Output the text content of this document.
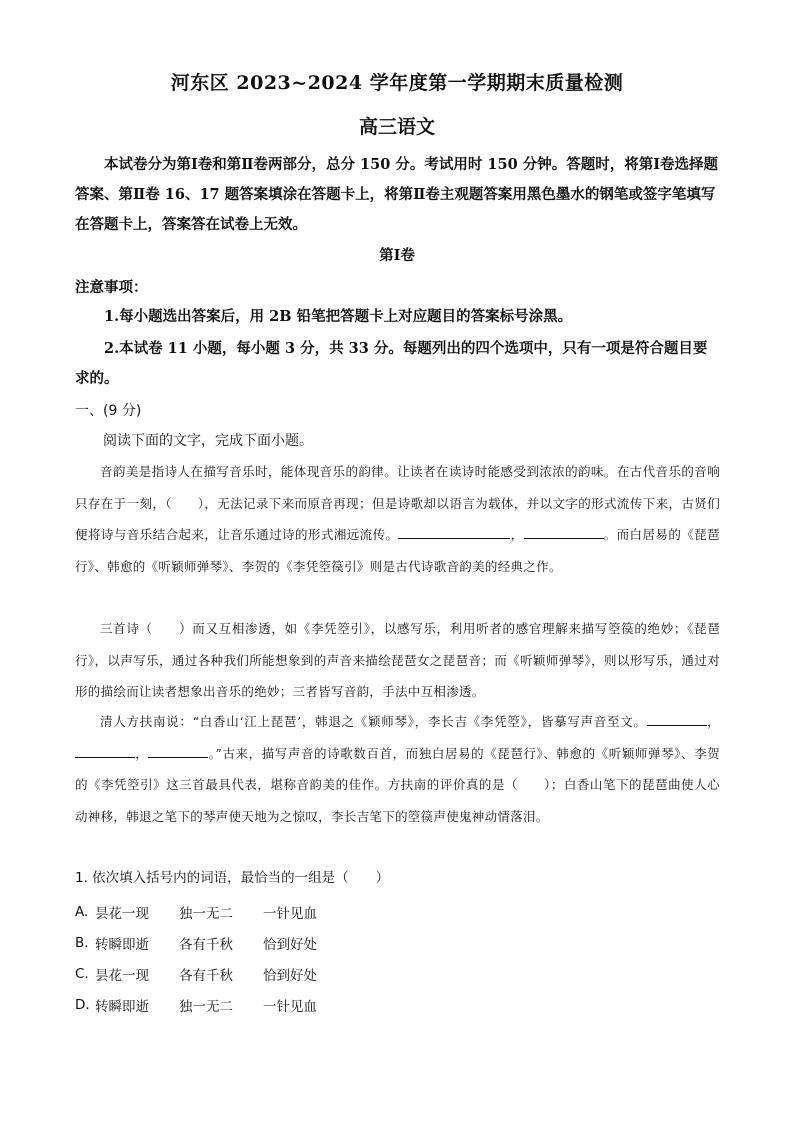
河东区 2023~2024 学年度第一学期期末质量检测
高三语文
本试卷分为第Ⅰ卷和第Ⅱ卷两部分，总分 150 分。考试用时 150 分钟。答题时，将第Ⅰ卷选择题答案、第Ⅱ卷 16、17 题答案填涂在答题卡上，将第Ⅱ卷主观题答案用黑色墨水的钢笔或签字笔填写在答题卡上，答案答在试卷上无效。
第Ⅰ卷
注意事项：
1.每小题选出答案后，用 2B 铅笔把答题卡上对应题目的答案标号涂黑。
2.本试卷 11 小题，每小题 3 分，共 33 分。每题列出的四个选项中，只有一项是符合题目要求的。
一、(9 分)
阅读下面的文字，完成下面小题。
音韵美是指诗人在描写音乐时，能体现音乐的韵律。让读者在读诗时能感受到浓浓的韵味。在古代音乐的音响只存在于一刻，（　　），无法记录下来而原音再现；但是诗歌却以语言为载体，并以文字的形式流传下来，古贤们便将诗与音乐结合起来，让音乐通过诗的形式湘远流传。	，	。而白居易的《琵琶行》、韩愈的《听颖师弹琴》、李贺的《李凭箜篌引》则是古代诗歌音韵美的经典之作。
三首诗（　　）而又互相渗透，如《李凭箜引》，以感写乐，利用听者的感官理解来描写箜篌的绝妙；《琵琶行》，以声写乐，通过各种我们所能想象到的声音来描绘琵琶女之琵琶音；而《听颖师弹琴》，则以形写乐，通过对形的描绘而让读者想象出音乐的绝妙；三者皆写音韵，手法中互相渗透。
清人方扶南说：“白香山‘江上琵琶’，韩退之《颖师琴》，李长吉《李凭箜》，皆摹写声音至文。	，，	。”古来，描写声音的诗歌数百首，而独白居易的《琵琶行》、韩愈的《听颖师弹琴》、李贺的《李凭箜引》这三首最具代表，堪称音韵美的佳作。方扶南的评价真的是（　　）；白香山笔下的琵琶曲使人心动神移，韩退之笔下的琴声使天地为之惊叹，李长吉笔下的箜篌声使鬼神动情落泪。
1. 依次填入括号内的词语，最恰当的一组是（　　）
A. 昙花一现	独一无二	一针见血
B. 转瞬即逝	各有千秋	恰到好处
C. 昙花一现	各有千秋	恰到好处
D. 转瞬即逝	独一无二	一针见血
